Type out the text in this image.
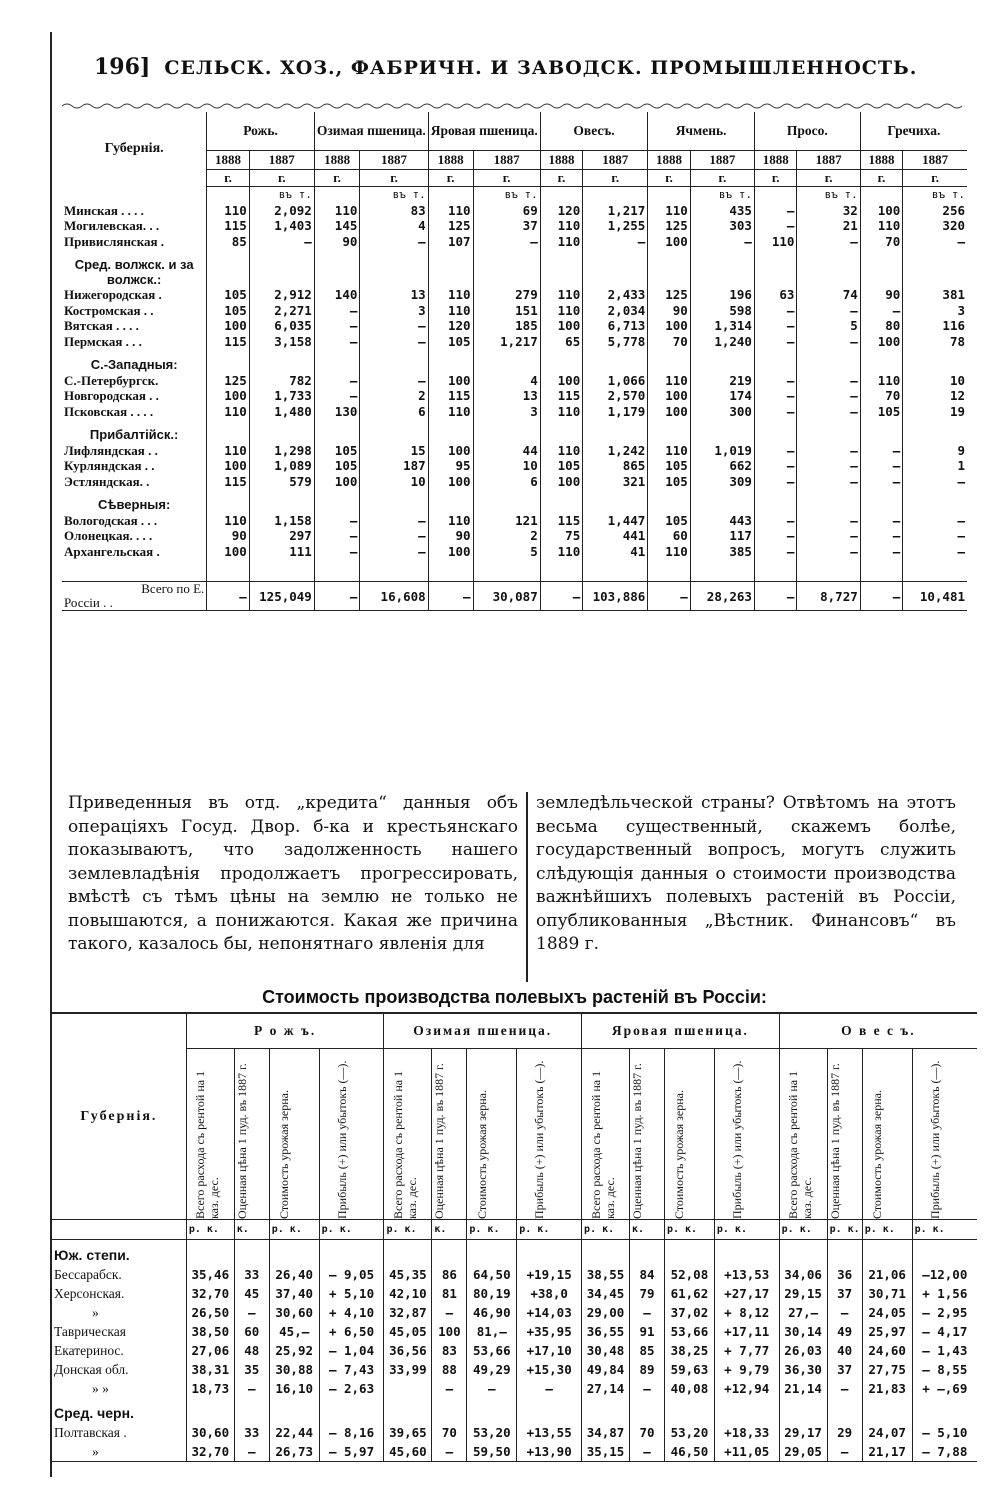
196] СЕЛЬСК. ХОЗ., ФАБРИЧН. И ЗАВОДСК. ПРОМЫШЛЕННОСТЬ.
Губернія.	Рожь.		Озимая пшеница.		Яровая пшеница.		Овесъ.		Ячмень.		Просо.		Гречиха.	
	1888	1887	1888	1887	1888	1887	1888	1887	1888	1887	1888	1887	1888	1887
	г.	г.	г.	г.	г.	г.	г.	г.	г.	г.	г.	г.	г.	г.
		въ т.		въ т.		въ т.				въ т.		въ т.		въ т.
Минская . . . .	110	2,092	110	83	110	69	120	1,217	110	435	—	32	100	256
Могилевская. . .	115	1,403	145	4	125	37	110	1,255	125	303	—	21	110	320
Привислянская .	85	—	90	—	107	—	110	—	100	—	110	—	70	—
Сред. волжск. и за волжск.:														
Нижегородская .	105	2,912	140	13	110	279	110	2,433	125	196	63	74	90	381
Костромская . .	105	2,271	—	3	110	151	110	2,034	90	598	—	—	—	3
Вятская . . . .	100	6,035	—	—	120	185	100	6,713	100	1,314	—	5	80	116
Пермская . . .	115	3,158	—	—	105	1,217	65	5,778	70	1,240	—	—	100	78
С.-Западныя:														
С.-Петербургск.	125	782	—	—	100	4	100	1,066	110	219	—	—	110	10
Новгородская . .	100	1,733	—	2	115	13	115	2,570	100	174	—	—	70	12
Псковская . . . .	110	1,480	130	6	110	3	110	1,179	100	300	—	—	105	19
Прибалтійск.:														
Лифляндская . .	110	1,298	105	15	100	44	110	1,242	110	1,019	—	—	—	9
Курляндская . .	100	1,089	105	187	95	10	105	865	105	662	—	—	—	1
Эстляндская. .	115	579	100	10	100	6	100	321	105	309	—	—	—	—
Сѣверныя:														
Вологодская . . .	110	1,158	—	—	110	121	115	1,447	105	443	—	—	—	—
Олонецкая. . . .	90	297	—	—	90	2	75	441	60	117	—	—	—	—
Архангельская .	100	111	—	—	100	5	110	41	110	385	—	—	—	—

Всего по Е.
Россіи . .	—	125,049	—	16,608	—	30,087	—	103,886	—	28,263	—	8,727	—	10,481
Приведенныя въ отд. „кредита“ данныя объ операціяхъ Госуд. Двор. б-ка и крестьянскаго показываютъ, что задолженность нашего землевладѣнія продолжаетъ прогрессировать, вмѣстѣ съ тѣмъ цѣны на землю не только не повышаются, а понижаются. Какая же причина такого, казалось бы, непонятнаго явленія для
земледѣльческой страны? Отвѣтомъ на этотъ весьма существенный, скажемъ болѣе, государственный вопросъ, могутъ служить слѣдующія данныя о стоимости производства важнѣйшихъ полевыхъ растеній въ Россіи, опубликованныя „Вѣстник. Финансовъ“ въ 1889 г.
Стоимость производства полевыхъ растеній въ Россіи:
Губернія.	Р о ж ъ.				Озимая пшеница.				Яровая пшеница.				О в е с ъ.			

	Всего расхода съ рентой на 1 каз. дес.	Оценная цѣна 1 пуд. въ 1887 г.	Стоимость урожая зерна.	Прибыль (+) или убытокъ (—).	Всего расхода съ рентой на 1 каз. дес.	Оценная цѣна 1 пуд. въ 1887 г.	Стоимость урожая зерна.	Прибыль (+) или убытокъ (—).	Всего расхода съ рентой на 1 каз. дес.	Оценная цѣна 1 пуд. въ 1887 г.	Стоимость урожая зерна.	Прибыль (+) или убытокъ (—).	Всего расхода съ рентой на 1 каз. дес.	Оценная цѣна 1 пуд. въ 1887 г.	Стоимость урожая зерна.	Прибыль (+) или убытокъ (—).

	р. к.	к.	р. к.	р. к.	р. к.	к.	р. к.	р. к.	р. к.	к.	р. к.	р. к.	р. к.	р. к.	р. к.	р. к.
Юж. степи.																
Бессарабск.	35,46	33	26,40	— 9,05	45,35	86	64,50	+19,15	38,55	84	52,08	+13,53	34,06	36	21,06	—12,00
Херсонская.	32,70	45	37,40	+ 5,10	42,10	81	80,19	+38,0	34,45	79	61,62	+27,17	29,15	37	30,71	+ 1,56
»	26,50	—	30,60	+ 4,10	32,87	—	46,90	+14,03	29,00	—	37,02	+ 8,12	27,—	—	24,05	— 2,95
Таврическая	38,50	60	45,—	+ 6,50	45,05	100	81,—	+35,95	36,55	91	53,66	+17,11	30,14	49	25,97	— 4,17
Екатеринос.	27,06	48	25,92	— 1,04	36,56	83	53,66	+17,10	30,48	85	38,25	+ 7,77	26,03	40	24,60	— 1,43
Донская обл.	38,31	35	30,88	— 7,43	33,99	88	49,29	+15,30	49,84	89	59,63	+ 9,79	36,30	37	27,75	— 8,55
» »	18,73	—	16,10	— 2,63		—	—	—	27,14	—	40,08	+12,94	21,14	—	21,83	+ —,69
Сред. черн.																
Полтавская .	30,60	33	22,44	— 8,16	39,65	70	53,20	+13,55	34,87	70	53,20	+18,33	29,17	29	24,07	— 5,10
»	32,70	—	26,73	— 5,97	45,60	—	59,50	+13,90	35,15	—	46,50	+11,05	29,05	—	21,17	— 7,88
